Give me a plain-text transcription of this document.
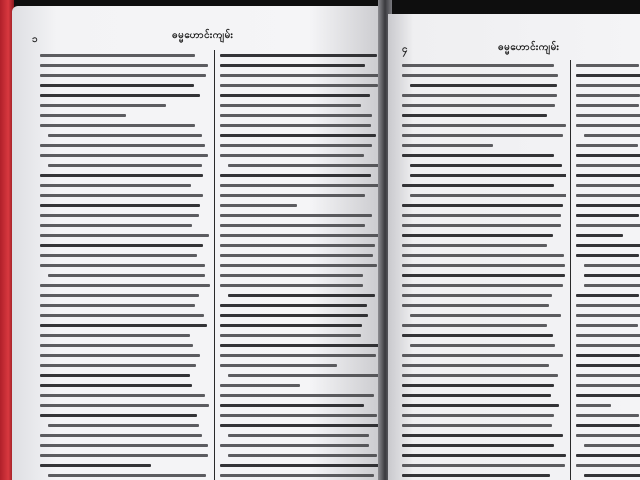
၁	ဓမ္မဟောင်းကျမ်း
၄	ဓမ္မဟောင်းကျမ်း
